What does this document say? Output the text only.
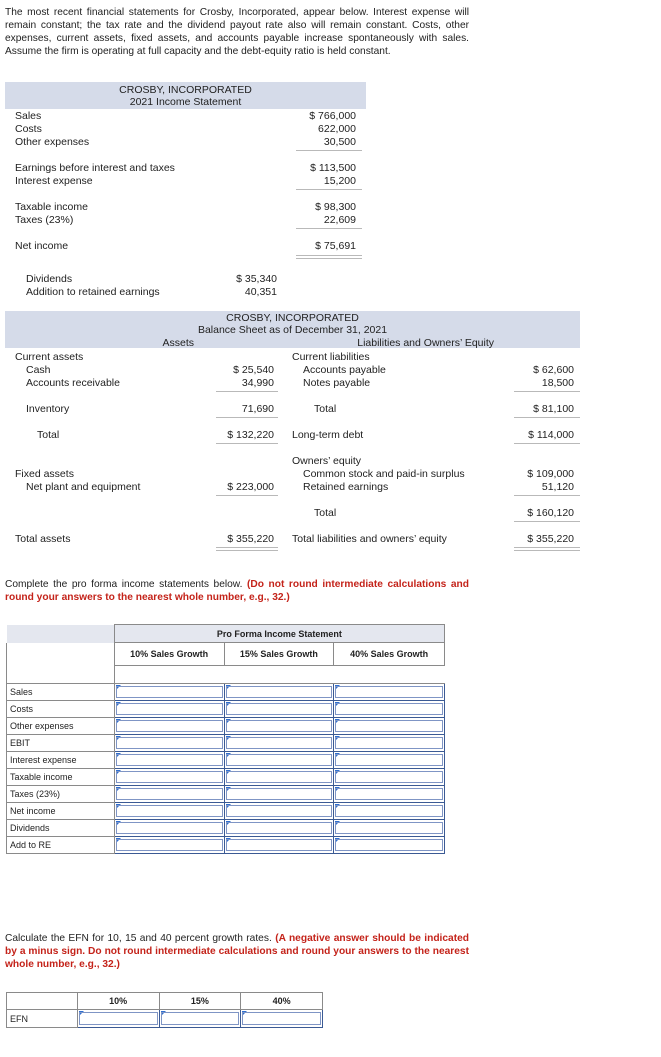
The most recent financial statements for Crosby, Incorporated, appear below. Interest expense will remain constant; the tax rate and the dividend payout rate also will remain constant. Costs, other expenses, current assets, fixed assets, and accounts payable increase spontaneously with sales. Assume the firm is operating at full capacity and the debt-equity ratio is held constant.
CROSBY, INCORPORATED
2021 Income Statement
Sales	$ 766,000
Costs	622,000
Other expenses	30,500
Earnings before interest and taxes	$ 113,500
Interest expense	15,200
Taxable income	$ 98,300
Taxes (23%)	22,609
Net income	$ 75,691
Dividends	$ 35,340
Addition to retained earnings	40,351
CROSBY, INCORPORATED
Balance Sheet as of December 31, 2021
Assets	Liabilities and Owners’ Equity
Current assets
Cash	$ 25,540
Accounts receivable	34,990
Inventory	71,690
Total	$ 132,220
Fixed assets
Net plant and equipment	$ 223,000
Total assets	$ 355,220
Current liabilities
Accounts payable	$ 62,600
Notes payable	18,500
Total	$ 81,100
Long-term debt	$ 114,000
Owners’ equity
Common stock and paid-in surplus	$ 109,000
Retained earnings	51,120
Total	$ 160,120
Total liabilities and owners’ equity	$ 355,220
Complete the pro forma income statements below. (Do not round intermediate calculations and round your answers to the nearest whole number, e.g., 32.)
	Pro Forma Income Statement		
	10% Sales Growth	15% Sales Growth	40% Sales Growth

Sales	

Costs	

Other expenses	

EBIT	

Interest expense	

Taxable income	

Taxes (23%)	

Net income	

Dividends	

Add to RE	

Calculate the EFN for 10, 15 and 40 percent growth rates. (A negative answer should be indicated by a minus sign. Do not round intermediate calculations and round your answers to the nearest whole number, e.g., 32.)
	10%	15%	40%
EFN	
